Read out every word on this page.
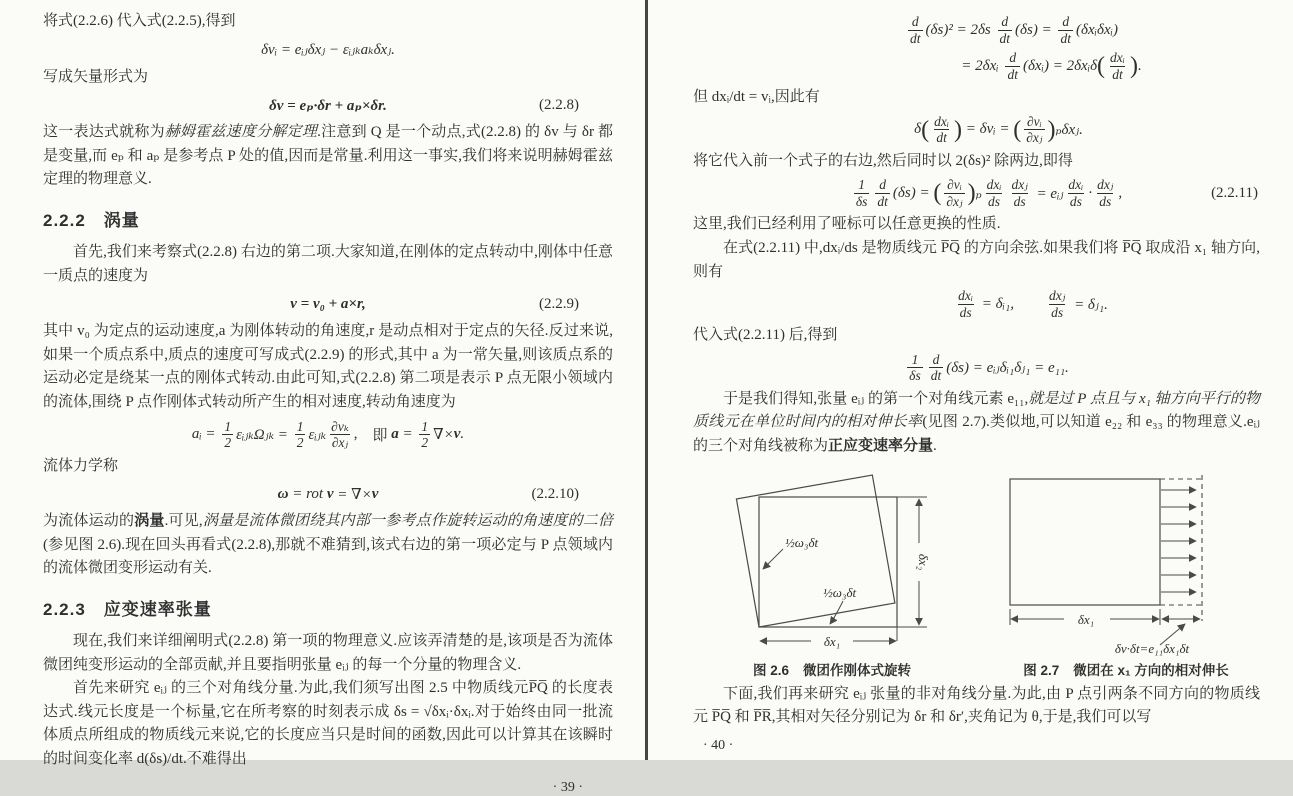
将式(2.2.6) 代入式(2.2.5),得到

δvᵢ = eᵢⱼδxⱼ − εᵢⱼₖaₖδxⱼ.

写成矢量形式为

δv = eₚ·δr + aₚ×δr.	(2.2.8)

这一表达式就称为赫姆霍兹速度分解定理.注意到 Q 是一个动点,式(2.2.8) 的 δv 与 δr 都是变量,而 eₚ 和 aₚ 是参考点 P 处的值,因而是常量.利用这一事实,我们将来说明赫姆霍兹定理的物理意义.

2.2.2　涡量

首先,我们来考察式(2.2.8) 右边的第二项.大家知道,在刚体的定点转动中,刚体中任意一质点的速度为

v = v₀ + a×r,	(2.2.9)

其中 v₀ 为定点的运动速度,a 为刚体转动的角速度,r 是动点相对于定点的矢径.反过来说,如果一个质点系中,质点的速度可写成式(2.2.9) 的形式,其中 a 为一常矢量,则该质点系的运动必定是绕某一点的刚体式转动.由此可知,式(2.2.8) 第二项是表示 P 点无限小领域内的流体,围绕 P 点作刚体式转动所产生的相对速度,转动角速度为

aᵢ = $\frac{1}{2}$ εᵢⱼₖΩⱼₖ = $\frac{1}{2}$ εᵢⱼₖ $\frac{\text{∂vₖ}}{\text{∂xⱼ}}$ , 　即 $a = \frac{1}{2}$ ∇× v .

流体力学称

ω = rot v = ∇× v	(2.2.10)

为流体运动的涡量.可见,涡量是流体微团绕其内部一参考点作旋转运动的角速度的二倍(参见图 2.6).现在回头再看式(2.2.8),那就不难猜到,该式右边的第一项必定与 P 点领域内的流体微团变形运动有关.

2.2.3　应变速率张量

现在,我们来详细阐明式(2.2.8) 第一项的物理意义.应该弄清楚的是,该项是否为流体微团纯变形运动的全部贡献,并且要指明张量 eᵢⱼ 的每一个分量的物理含义.

首先来研究 eᵢⱼ 的三个对角线分量.为此,我们须写出图 2.5 中物质线元P̅Q̅ 的长度表达式.线元长度是一个标量,它在所考察的时刻表示成 δs = √δxᵢ·δxᵢ.对于始终由同一批流体质点所组成的物质线元来说,它的长度应当只是时间的函数,因此可以计算其在该瞬时的时间变化率 d(δs)/dt.不难得出

· 39 ·
$\frac{d}{dt} (\delta s)^2 = 2\delta s \frac{d}{dt} (\delta s) = \frac{d}{dt}$ (δxᵢδxᵢ)
= 2δxᵢ $\frac{d}{dt}$ (δxᵢ) = 2δxᵢδ ( $\frac{\text{dxᵢ}}{dt}$ ) .

但 dxᵢ/dt = vᵢ,因此有

δ ( $\frac{\text{dxᵢ}}{dt}$ ) = δvᵢ = ( $\frac{\text{∂vᵢ}}{\text{∂xⱼ}}$ ) ₚ δxⱼ.

将它代入前一个式子的右边,然后同时以 2(δs)² 除两边,即得

$\frac{1}{\delta s} \frac{d}{dt} (\delta s)$ = ( $\frac{\text{∂vᵢ}}{\text{∂xⱼ}}$ ) ₚ $\frac{\text{dxᵢ}}{ds} \frac{\text{dxⱼ}}{ds}$ = eᵢⱼ $\frac{\text{dxᵢ}}{ds} \cdot \frac{\text{dxⱼ}}{ds}$ ,	(2.2.11)

这里,我们已经利用了哑标可以任意更换的性质.

在式(2.2.11) 中,dxᵢ/ds 是物质线元 P̅Q̅ 的方向余弦.如果我们将 P̅Q̅ 取成沿 x₁ 轴方向,则有

$\frac{\text{dxᵢ}}{ds}$ = δᵢ₁,
　　 $\frac{\text{dxⱼ}}{ds}$ = δⱼ₁.

代入式(2.2.11) 后,得到

$\frac{1}{\delta s} \frac{d}{dt} (\delta s)$ = eᵢⱼδᵢ₁δⱼ₁ = e₁₁.

于是我们得知,张量 eᵢⱼ 的第一个对角线元素 e₁₁,就是过 P 点且与 x₁ 轴方向平行的物质线元在单位时间内的相对伸长率(见图 2.7).类似地,可以知道 e₂₂ 和 e₃₃ 的物理意义.eᵢⱼ 的三个对角线被称为正应变速率分量.

δx₂
δx₁
½ω₃δt
½ω₃δt
图 2.6 微团作刚体式旋转
δx₁
δv·δt=e₁₁δx₁δt
图 2.7 微团在 x₁ 方向的相对伸长

下面,我们再来研究 eᵢⱼ 张量的非对角线分量.为此,由 P 点引两条不同方向的物质线元 P̅Q̅ 和 P̅R̅,其相对矢径分别记为 δr 和 δr′,夹角记为 θ,于是,我们可以写

· 40 ·
